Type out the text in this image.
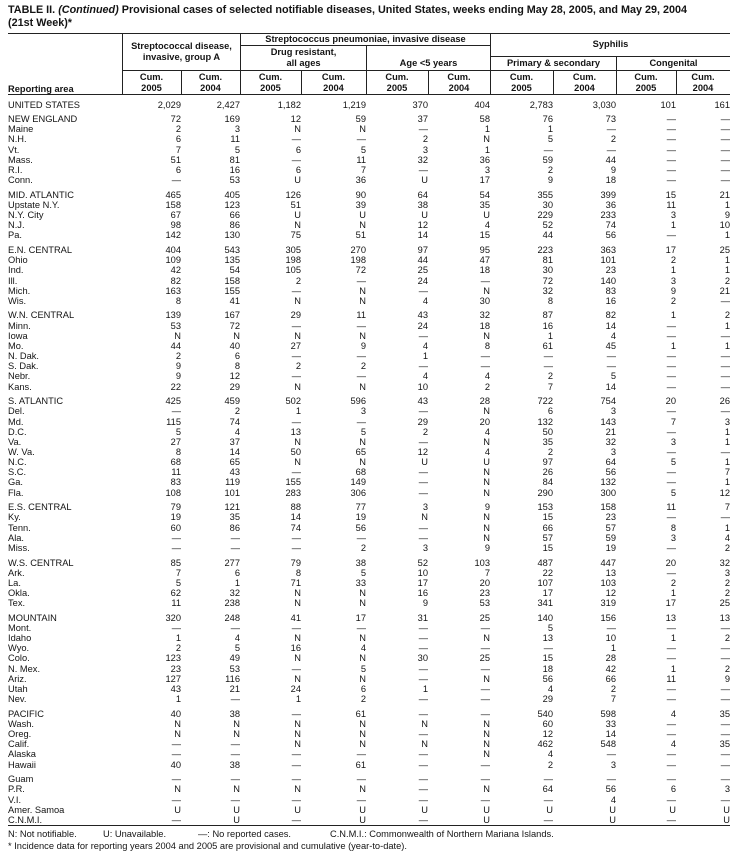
TABLE II. (Continued) Provisional cases of selected notifiable diseases, United States, weeks ending May 28, 2005, and May 29, 2004
(21st Week)*
Reporting area
Streptococcal disease,
invasive, group A
Streptococcus pneumoniae, invasive disease
Drug resistant,
all ages	Age <5 years
Syphilis
Primary & secondary	Congenital
Cum.
2005
Cum.
2004
Cum.
2005
Cum.
2004
Cum.
2005
Cum.
2004
Cum.
2005
Cum.
2004
Cum.
2005
Cum.
2004
UNITED STATES	2,029	2,427	1,182	1,219	370	404	2,783	3,030	101	161
NEW ENGLAND	72	169	12	59	37	58	76	73	—	—
Maine	2	3	N	N	—	1	1	—	—	—
N.H.	6	11	—	—	2	N	5	2	—	—
Vt.	7	5	6	5	3	1	—	—	—	—
Mass.	51	81	—	11	32	36	59	44	—	—
R.I.	6	16	6	7	—	3	2	9	—	—
Conn.	—	53	U	36	U	17	9	18	—	—
MID. ATLANTIC	465	405	126	90	64	54	355	399	15	21
Upstate N.Y.	158	123	51	39	38	35	30	36	11	1
N.Y. City	67	66	U	U	U	U	229	233	3	9
N.J.	98	86	N	N	12	4	52	74	1	10
Pa.	142	130	75	51	14	15	44	56	—	1
E.N. CENTRAL	404	543	305	270	97	95	223	363	17	25
Ohio	109	135	198	198	44	47	81	101	2	1
Ind.	42	54	105	72	25	18	30	23	1	1
Ill.	82	158	2	—	24	—	72	140	3	2
Mich.	163	155	—	N	—	N	32	83	9	21
Wis.	8	41	N	N	4	30	8	16	2	—
W.N. CENTRAL	139	167	29	11	43	32	87	82	1	2
Minn.	53	72	—	—	24	18	16	14	—	1
Iowa	N	N	N	N	—	N	1	4	—	—
Mo.	44	40	27	9	4	8	61	45	1	1
N. Dak.	2	6	—	—	1	—	—	—	—	—
S. Dak.	9	8	2	2	—	—	—	—	—	—
Nebr.	9	12	—	—	4	4	2	5	—	—
Kans.	22	29	N	N	10	2	7	14	—	—
S. ATLANTIC	425	459	502	596	43	28	722	754	20	26
Del.	—	2	1	3	—	N	6	3	—	—
Md.	115	74	—	—	29	20	132	143	7	3
D.C.	5	4	13	5	2	4	50	21	—	1
Va.	27	37	N	N	—	N	35	32	3	1
W. Va.	8	14	50	65	12	4	2	3	—	—
N.C.	68	65	N	N	U	U	97	64	5	1
S.C.	11	43	—	68	—	N	26	56	—	7
Ga.	83	119	155	149	—	N	84	132	—	1
Fla.	108	101	283	306	—	N	290	300	5	12
E.S. CENTRAL	79	121	88	77	3	9	153	158	11	7
Ky.	19	35	14	19	N	N	15	23	—	—
Tenn.	60	86	74	56	—	N	66	57	8	1
Ala.	—	—	—	—	—	N	57	59	3	4
Miss.	—	—	—	2	3	9	15	19	—	2
W.S. CENTRAL	85	277	79	38	52	103	487	447	20	32
Ark.	7	6	8	5	10	7	22	13	—	3
La.	5	1	71	33	17	20	107	103	2	2
Okla.	62	32	N	N	16	23	17	12	1	2
Tex.	11	238	N	N	9	53	341	319	17	25
MOUNTAIN	320	248	41	17	31	25	140	156	13	13
Mont.	—	—	—	—	—	—	5	—	—	—
Idaho	1	4	N	N	—	N	13	10	1	2
Wyo.	2	5	16	4	—	—	—	1	—	—
Colo.	123	49	N	N	30	25	15	28	—	—
N. Mex.	23	53	—	5	—	—	18	42	1	2
Ariz.	127	116	N	N	—	N	56	66	11	9
Utah	43	21	24	6	1	—	4	2	—	—
Nev.	1	—	1	2	—	—	29	7	—	—
PACIFIC	40	38	—	61	—	—	540	598	4	35
Wash.	N	N	N	N	N	N	60	33	—	—
Oreg.	N	N	N	N	—	N	12	14	—	—
Calif.	—	—	N	N	N	N	462	548	4	35
Alaska	—	—	—	—	—	N	4	—	—	—
Hawaii	40	38	—	61	—	—	2	3	—	—
Guam	—	—	—	—	—	—	—	—	—	—
P.R.	N	N	N	N	—	N	64	56	6	3
V.I.	—	—	—	—	—	—	—	4	—	—
Amer. Samoa	U	U	U	U	U	U	U	U	U	U
C.N.M.I.	—	U	—	U	—	U	—	U	—	U
N: Not notifiable.	U: Unavailable.	—: No reported cases.	C.N.M.I.: Commonwealth of Northern Mariana Islands.
* Incidence data for reporting years 2004 and 2005 are provisional and cumulative (year-to-date).
